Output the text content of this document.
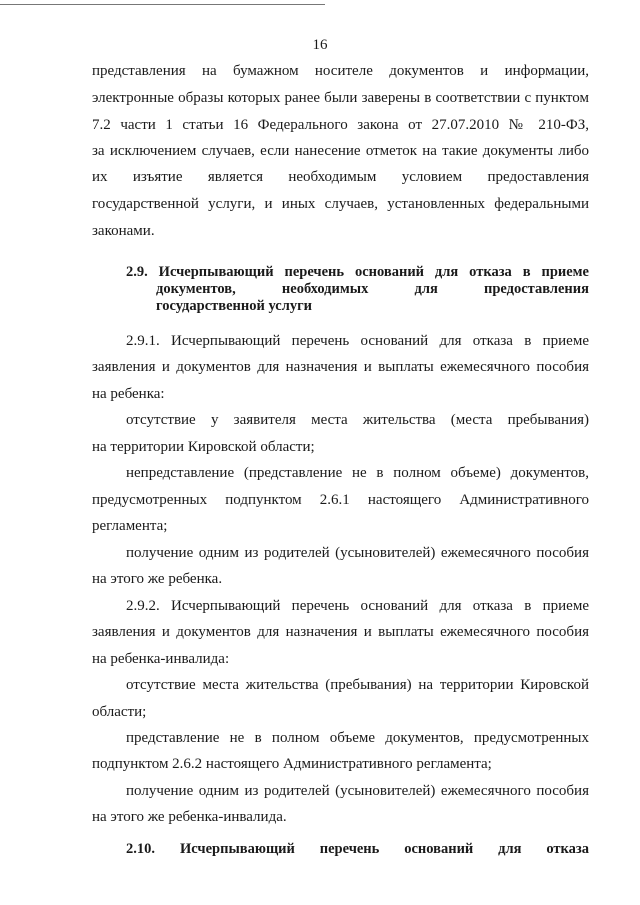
16
представления на бумажном носителе документов и информации,
электронные образы которых ранее были заверены в соответствии с пунктом
7.2 части 1 статьи 16 Федерального закона от 27.07.2010 № 210-ФЗ,
за исключением случаев, если нанесение отметок на такие документы либо
их изъятие является необходимым условием предоставления
государственной услуги, и иных случаев, установленных федеральными
законами.
2.9. Исчерпывающий перечень оснований для отказа в приеме
документов, необходимых для предоставления
государственной услуги
2.9.1. Исчерпывающий перечень оснований для отказа в приеме
заявления и документов для назначения и выплаты ежемесячного пособия
на ребенка:
отсутствие у заявителя места жительства (места пребывания)
на территории Кировской области;
непредставление (представление не в полном объеме) документов,
предусмотренных подпунктом 2.6.1 настоящего Административного
регламента;
получение одним из родителей (усыновителей) ежемесячного пособия
на этого же ребенка.
2.9.2. Исчерпывающий перечень оснований для отказа в приеме
заявления и документов для назначения и выплаты ежемесячного пособия
на ребенка-инвалида:
отсутствие места жительства (пребывания) на территории Кировской
области;
представление не в полном объеме документов, предусмотренных
подпунктом 2.6.2 настоящего Административного регламента;
получение одним из родителей (усыновителей) ежемесячного пособия
на этого же ребенка-инвалида.
2.10. Исчерпывающий перечень оснований для отказа
